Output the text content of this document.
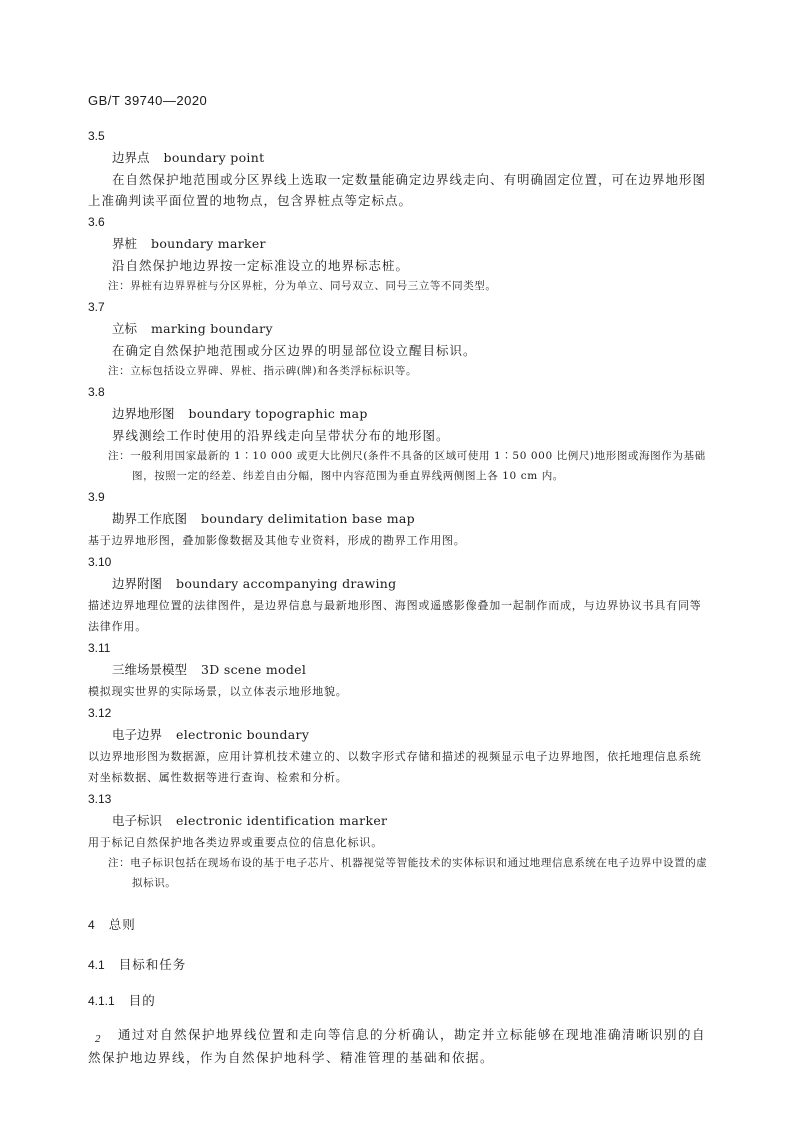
GB/T 39740—2020
3.5
边界点 boundary point
在自然保护地范围或分区界线上选取一定数量能确定边界线走向、有明确固定位置，可在边界地形图上准确判读平面位置的地物点，包含界桩点等定标点。
3.6
界桩 boundary marker
沿自然保护地边界按一定标准设立的地界标志桩。
注：界桩有边界界桩与分区界桩，分为单立、同号双立、同号三立等不同类型。
3.7
立标 marking boundary
在确定自然保护地范围或分区边界的明显部位设立醒目标识。
注：立标包括设立界碑、界桩、指示碑(牌)和各类浮标标识等。
3.8
边界地形图 boundary topographic map
界线测绘工作时使用的沿界线走向呈带状分布的地形图。
注：一般利用国家最新的 1∶10 000 或更大比例尺(条件不具备的区域可使用 1∶50 000 比例尺)地形图或海图作为基础图，按照一定的经差、纬差自由分幅，图中内容范围为垂直界线两侧图上各 10 cm 内。
3.9
勘界工作底图 boundary delimitation base map
基于边界地形图，叠加影像数据及其他专业资料，形成的勘界工作用图。
3.10
边界附图 boundary accompanying drawing
描述边界地理位置的法律图件，是边界信息与最新地形图、海图或遥感影像叠加一起制作而成，与边界协议书具有同等法律作用。
3.11
三维场景模型 3D scene model
模拟现实世界的实际场景，以立体表示地形地貌。
3.12
电子边界 electronic boundary
以边界地形图为数据源，应用计算机技术建立的、以数字形式存储和描述的视频显示电子边界地图，依托地理信息系统对坐标数据、属性数据等进行查询、检索和分析。
3.13
电子标识 electronic identification marker
用于标记自然保护地各类边界或重要点位的信息化标识。
注：电子标识包括在现场布设的基于电子芯片、机器视觉等智能技术的实体标识和通过地理信息系统在电子边界中设置的虚拟标识。
4 总则
4.1 目标和任务
4.1.1 目的
通过对自然保护地界线位置和走向等信息的分析确认，勘定并立标能够在现地准确清晰识别的自然保护地边界线，作为自然保护地科学、精准管理的基础和依据。
2
